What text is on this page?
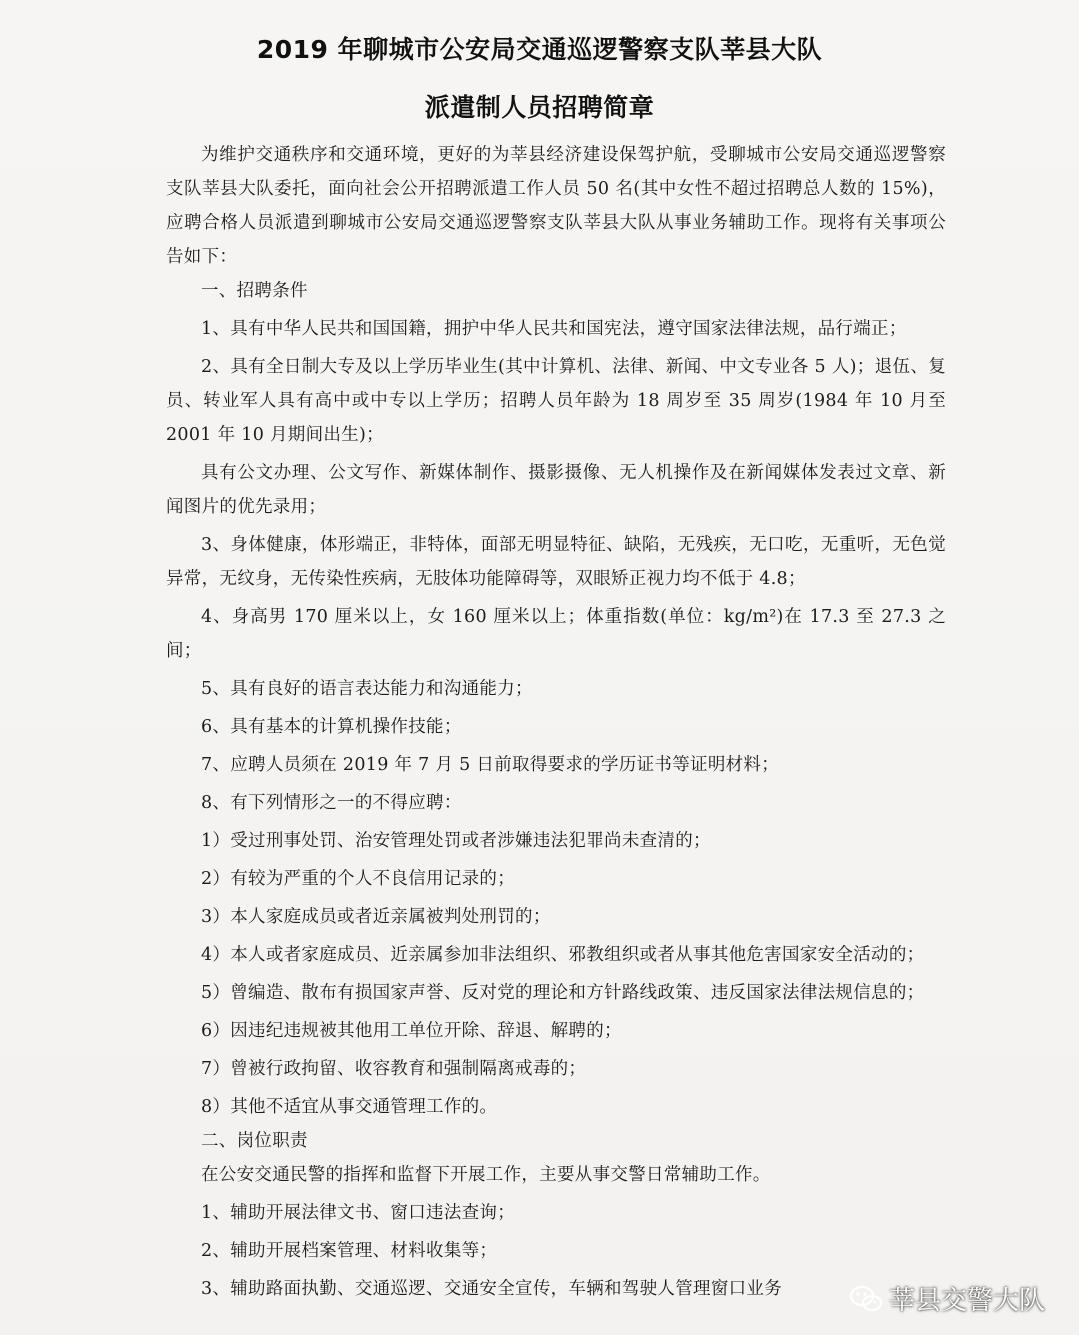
2019 年聊城市公安局交通巡逻警察支队莘县大队
派遣制人员招聘简章

为维护交通秩序和交通环境，更好的为莘县经济建设保驾护航，受聊城市公安局交通巡逻警察支队莘县大队委托，面向社会公开招聘派遣工作人员 50 名(其中女性不超过招聘总人数的 15%)，应聘合格人员派遣到聊城市公安局交通巡逻警察支队莘县大队从事业务辅助工作。现将有关事项公告如下：

一、招聘条件

1、具有中华人民共和国国籍，拥护中华人民共和国宪法，遵守国家法律法规，品行端正；

2、具有全日制大专及以上学历毕业生(其中计算机、法律、新闻、中文专业各 5 人)；退伍、复员、转业军人具有高中或中专以上学历；招聘人员年龄为 18 周岁至 35 周岁(1984 年 10 月至 2001 年 10 月期间出生)；

具有公文办理、公文写作、新媒体制作、摄影摄像、无人机操作及在新闻媒体发表过文章、新闻图片的优先录用；

3、身体健康，体形端正，非特体，面部无明显特征、缺陷，无残疾，无口吃，无重听，无色觉异常，无纹身，无传染性疾病，无肢体功能障碍等，双眼矫正视力均不低于 4.8；

4、身高男 170 厘米以上，女 160 厘米以上；体重指数(单位：kg/m²)在 17.3 至 27.3 之间；

5、具有良好的语言表达能力和沟通能力；

6、具有基本的计算机操作技能；

7、应聘人员须在 2019 年 7 月 5 日前取得要求的学历证书等证明材料；

8、有下列情形之一的不得应聘：

1）受过刑事处罚、治安管理处罚或者涉嫌违法犯罪尚未查清的；

2）有较为严重的个人不良信用记录的；

3）本人家庭成员或者近亲属被判处刑罚的；

4）本人或者家庭成员、近亲属参加非法组织、邪教组织或者从事其他危害国家安全活动的；

5）曾编造、散布有损国家声誉、反对党的理论和方针路线政策、违反国家法律法规信息的；

6）因违纪违规被其他用工单位开除、辞退、解聘的；

7）曾被行政拘留、收容教育和强制隔离戒毒的；

8）其他不适宜从事交通管理工作的。

二、岗位职责

在公安交通民警的指挥和监督下开展工作，主要从事交警日常辅助工作。

1、辅助开展法律文书、窗口违法查询；

2、辅助开展档案管理、材料收集等；

3、辅助路面执勤、交通巡逻、交通安全宣传，车辆和驾驶人管理窗口业务	莘县交警大队
